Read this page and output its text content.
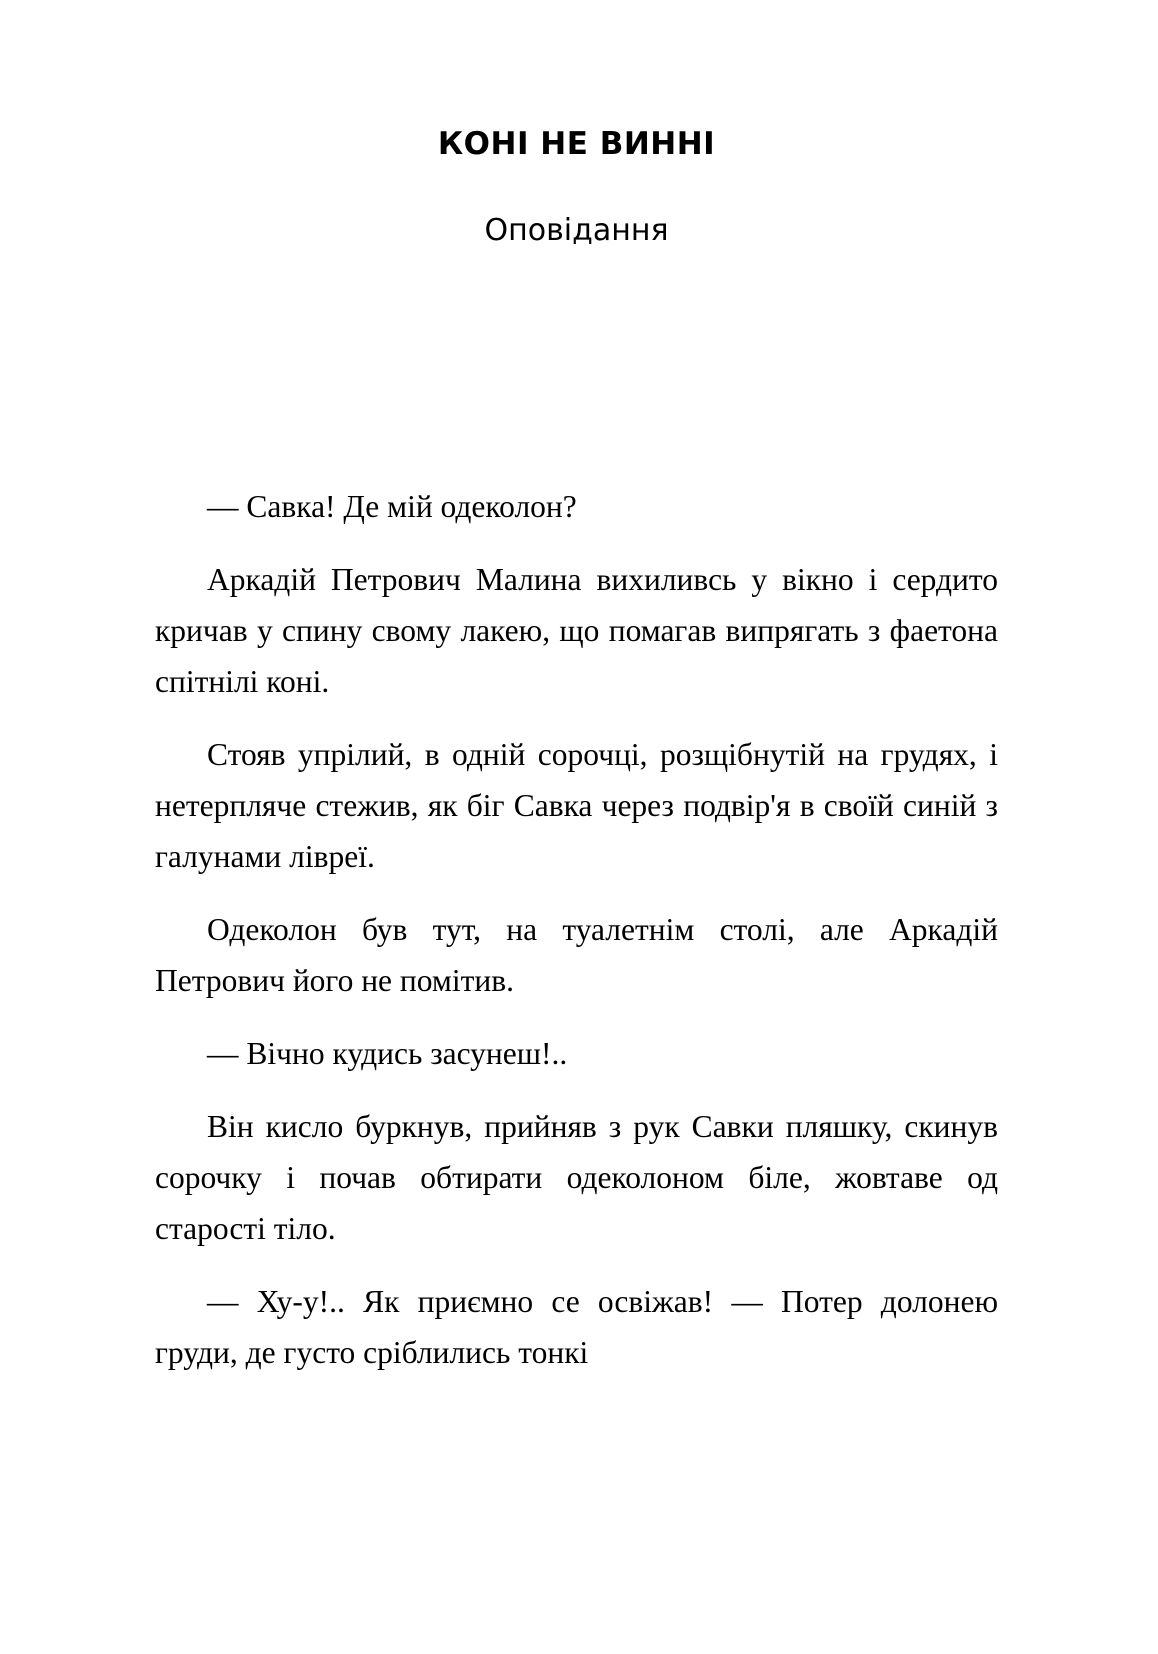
КОНІ НЕ ВИННІ
Оповідання

— Савка! Де мій одеколон?

Аркадій Петрович Малина вихиливсь у вікно і сердито кричав у спину свому лакею, що помагав випрягать з фаетона спітнілі коні.

Стояв упрілий, в одній сорочці, розщібнутій на грудях, і нетерпляче стежив, як біг Савка через подвір'я в своїй синій з галунами лівреї.

Одеколон був тут, на туалетнім столі, але Аркадій Петрович його не помітив.

— Вічно кудись засунеш!..

Він кисло буркнув, прийняв з рук Савки пляшку, скинув сорочку і почав обтирати одеколоном біле, жовтаве од старості тіло.

— Ху-у!.. Як приємно се освіжав! — Потер долонею груди, де густо сріблились тонкі
